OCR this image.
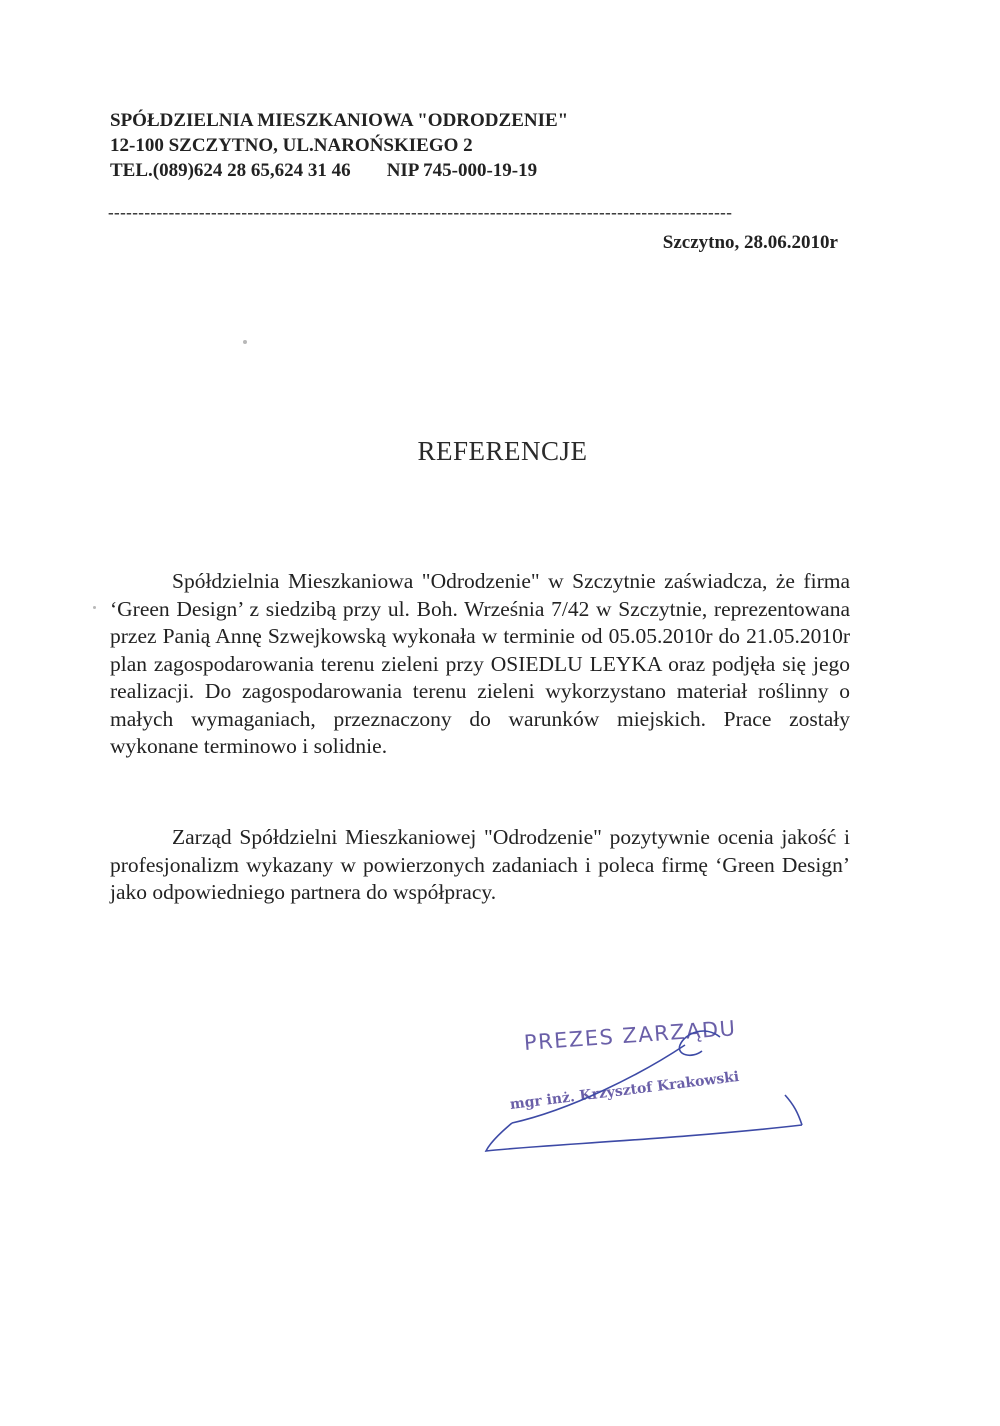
SPÓŁDZIELNIA MIESZKANIOWA "ODRODZENIE"
12-100 SZCZYTNO, UL.NAROŃSKIEGO 2
TEL.(089)624 28 65,624 31 46 NIP 745-000-19-19
-------------------------------------------------------------------------------------------------------
Szczytno, 28.06.2010r
REFERENCJE

Spółdzielnia Mieszkaniowa "Odrodzenie" w Szczytnie zaświadcza, że firma ‘Green Design’ z siedzibą przy ul. Boh. Września 7/42 w Szczytnie, reprezentowana przez Panią Annę Szwejkowską wykonała w terminie od 05.05.2010r do 21.05.2010r plan zagospodarowania terenu zieleni przy OSIEDLU LEYKA oraz podjęła się jego realizacji. Do zagospodarowania terenu zieleni wykorzystano materiał roślinny o małych wymaganiach, przeznaczony do warunków miejskich. Prace zostały wykonane terminowo i solidnie.

Zarząd Spółdzielni Mieszkaniowej "Odrodzenie" pozytywnie ocenia jakość i profesjonalizm wykazany w powierzonych zadaniach i poleca firmę ‘Green Design’ jako odpowiedniego partnera do współpracy.

PREZES ZARZĄDU
mgr inż. Krzysztof Krakowski
